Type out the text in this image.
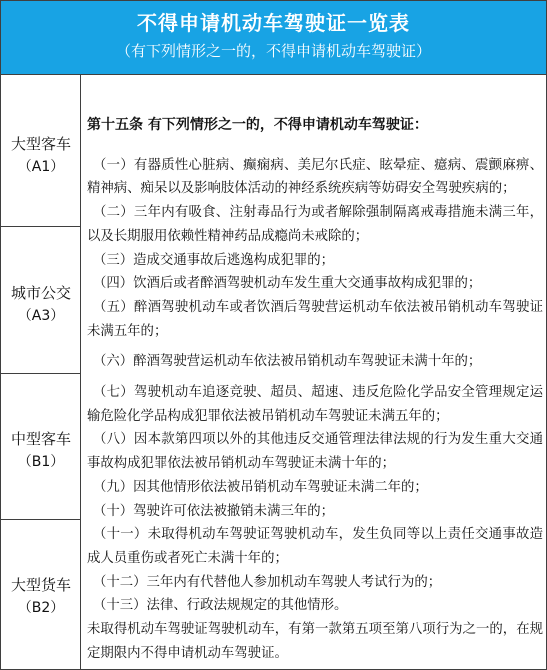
不得申请机动车驾驶证一览表
（有下列情形之一的，不得申请机动车驾驶证）
大型客车
（A1）
城市公交
（A3）
中型客车
（B1）
大型货车
（B2）

第十五条 有下列情形之一的，不得申请机动车驾驶证：

（一）有器质性心脏病、癫痫病、美尼尔氏症、眩晕症、癔病、震颤麻痹、精神病、痴呆以及影响肢体活动的神经系统疾病等妨碍安全驾驶疾病的；

（二）三年内有吸食、注射毒品行为或者解除强制隔离戒毒措施未满三年，以及长期服用依赖性精神药品成瘾尚未戒除的；

（三）造成交通事故后逃逸构成犯罪的；

（四）饮酒后或者醉酒驾驶机动车发生重大交通事故构成犯罪的；

（五）醉酒驾驶机动车或者饮酒后驾驶营运机动车依法被吊销机动车驾驶证未满五年的；

（六）醉酒驾驶营运机动车依法被吊销机动车驾驶证未满十年的；

（七）驾驶机动车追逐竞驶、超员、超速、违反危险化学品安全管理规定运输危险化学品构成犯罪依法被吊销机动车驾驶证未满五年的；

（八）因本款第四项以外的其他违反交通管理法律法规的行为发生重大交通事故构成犯罪依法被吊销机动车驾驶证未满十年的；

（九）因其他情形依法被吊销机动车驾驶证未满二年的；

（十）驾驶许可依法被撤销未满三年的；

（十一）未取得机动车驾驶证驾驶机动车，发生负同等以上责任交通事故造成人员重伤或者死亡未满十年的；

（十二）三年内有代替他人参加机动车驾驶人考试行为的；

（十三）法律、行政法规规定的其他情形。

未取得机动车驾驶证驾驶机动车，有第一款第五项至第八项行为之一的，在规定期限内不得申请机动车驾驶证。
